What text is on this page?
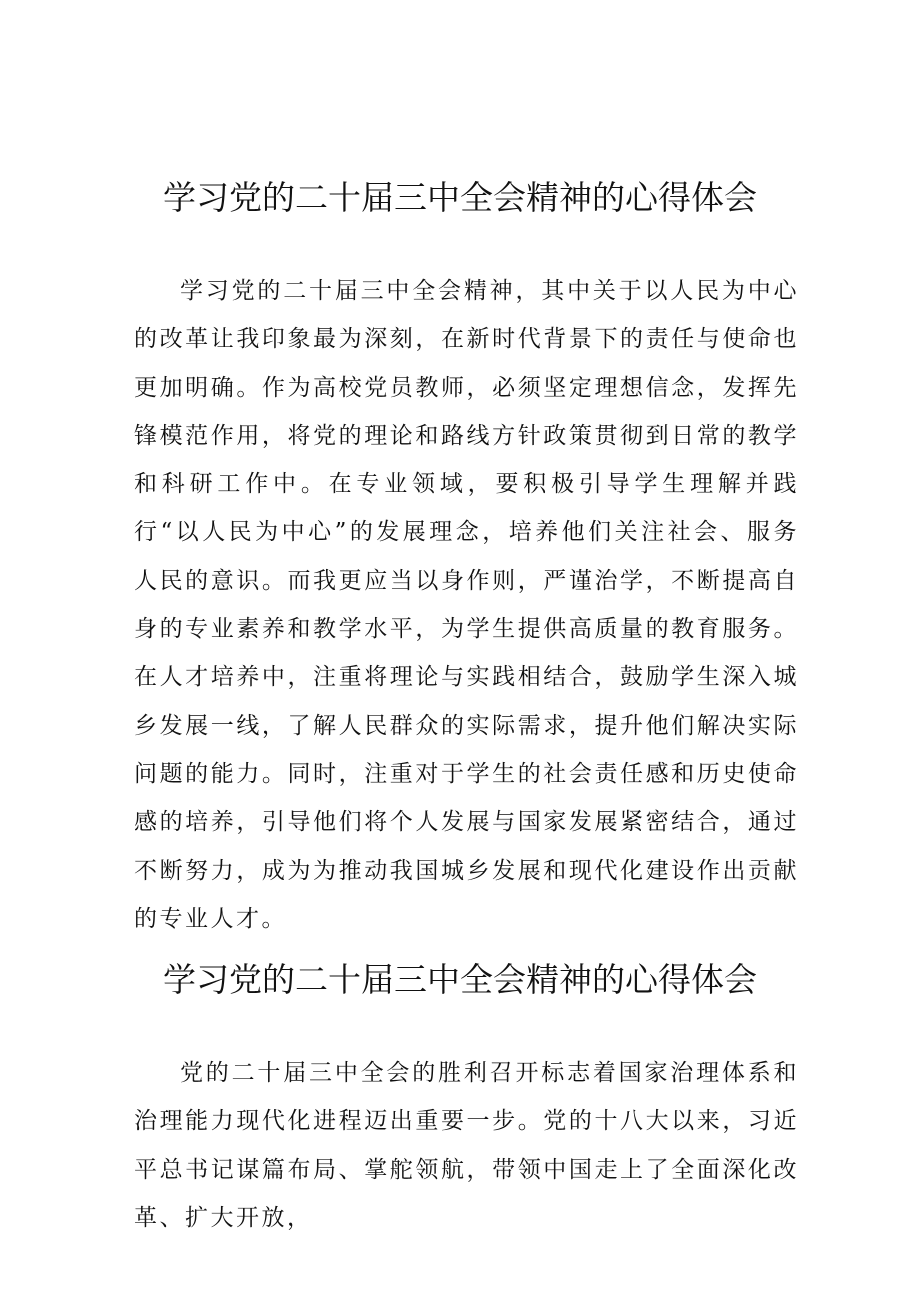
学习党的二十届三中全会精神的心得体会

学习党的二十届三中全会精神，其中关于以人民为中心的改革让我印象最为深刻，在新时代背景下的责任与使命也更加明确。作为高校党员教师，必须坚定理想信念，发挥先锋模范作用，将党的理论和路线方针政策贯彻到日常的教学和科研工作中。在专业领域，要积极引导学生理解并践行“以人民为中心”的发展理念，培养他们关注社会、服务人民的意识。而我更应当以身作则，严谨治学，不断提高自身的专业素养和教学水平，为学生提供高质量的教育服务。在人才培养中，注重将理论与实践相结合，鼓励学生深入城乡发展一线，了解人民群众的实际需求，提升他们解决实际问题的能力。同时，注重对于学生的社会责任感和历史使命感的培养，引导他们将个人发展与国家发展紧密结合，通过不断努力，成为为推动我国城乡发展和现代化建设作出贡献的专业人才。

学习党的二十届三中全会精神的心得体会

党的二十届三中全会的胜利召开标志着国家治理体系和治理能力现代化进程迈出重要一步。党的十八大以来，习近平总书记谋篇布局、掌舵领航，带领中国走上了全面深化改革、扩大开放，
